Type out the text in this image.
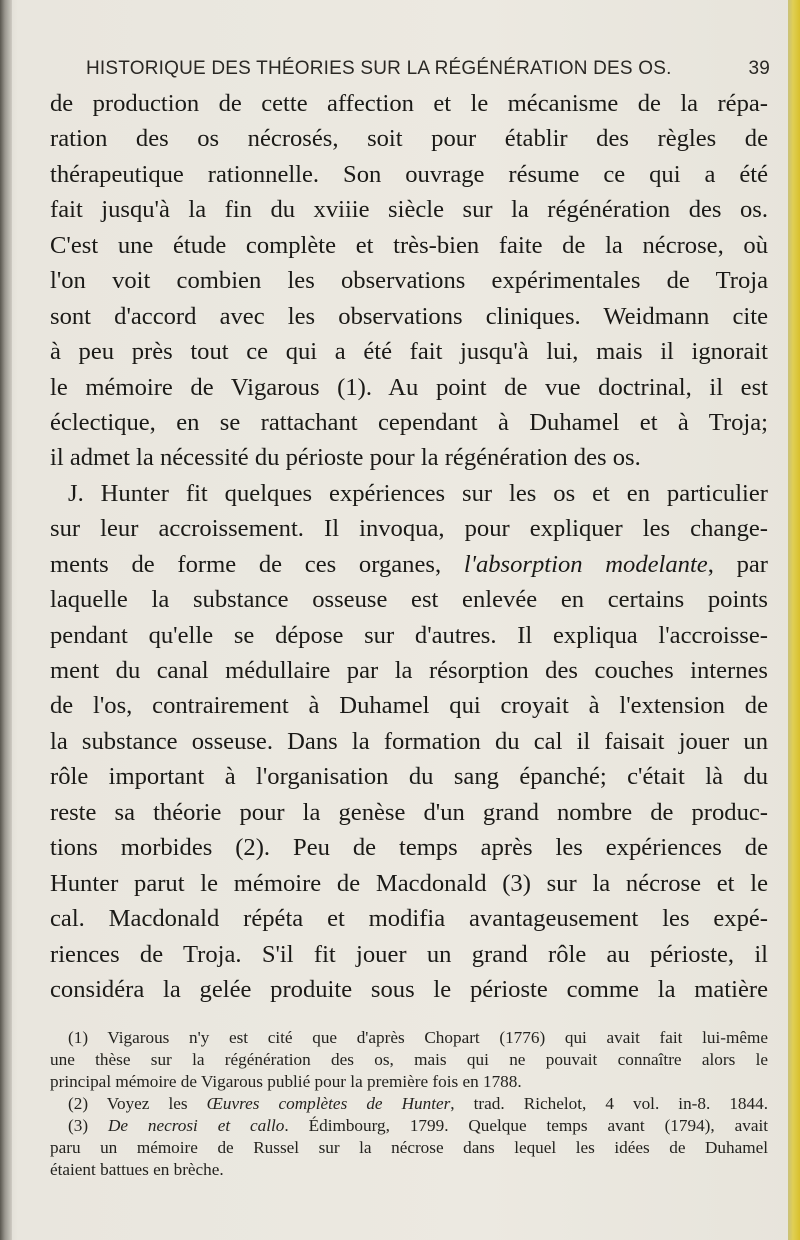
HISTORIQUE DES THÉORIES SUR LA RÉGÉNÉRATION DES OS.	39
de production de cette affection et le mécanisme de la répa-
ration des os nécrosés, soit pour établir des règles de
thérapeutique rationnelle. Son ouvrage résume ce qui a été
fait jusqu'à la fin du xviiie siècle sur la régénération des os.
C'est une étude complète et très-bien faite de la nécrose, où
l'on voit combien les observations expérimentales de Troja
sont d'accord avec les observations cliniques. Weidmann cite
à peu près tout ce qui a été fait jusqu'à lui, mais il ignorait
le mémoire de Vigarous (1). Au point de vue doctrinal, il est
éclectique, en se rattachant cependant à Duhamel et à Troja;
il admet la nécessité du périoste pour la régénération des os.
J. Hunter fit quelques expériences sur les os et en particulier
sur leur accroissement. Il invoqua, pour expliquer les change-
ments de forme de ces organes, l'absorption modelante, par
laquelle la substance osseuse est enlevée en certains points
pendant qu'elle se dépose sur d'autres. Il expliqua l'accroisse-
ment du canal médullaire par la résorption des couches internes
de l'os, contrairement à Duhamel qui croyait à l'extension de
la substance osseuse. Dans la formation du cal il faisait jouer un
rôle important à l'organisation du sang épanché; c'était là du
reste sa théorie pour la genèse d'un grand nombre de produc-
tions morbides (2). Peu de temps après les expériences de
Hunter parut le mémoire de Macdonald (3) sur la nécrose et le
cal. Macdonald répéta et modifia avantageusement les expé-
riences de Troja. S'il fit jouer un grand rôle au périoste, il
considéra la gelée produite sous le périoste comme la matière
(1) Vigarous n'y est cité que d'après Chopart (1776) qui avait fait lui-même
une thèse sur la régénération des os, mais qui ne pouvait connaître alors le
principal mémoire de Vigarous publié pour la première fois en 1788.
(2) Voyez les Œuvres complètes de Hunter, trad. Richelot, 4 vol. in-8. 1844.
(3) De necrosi et callo. Édimbourg, 1799. Quelque temps avant (1794), avait
paru un mémoire de Russel sur la nécrose dans lequel les idées de Duhamel
étaient battues en brèche.
